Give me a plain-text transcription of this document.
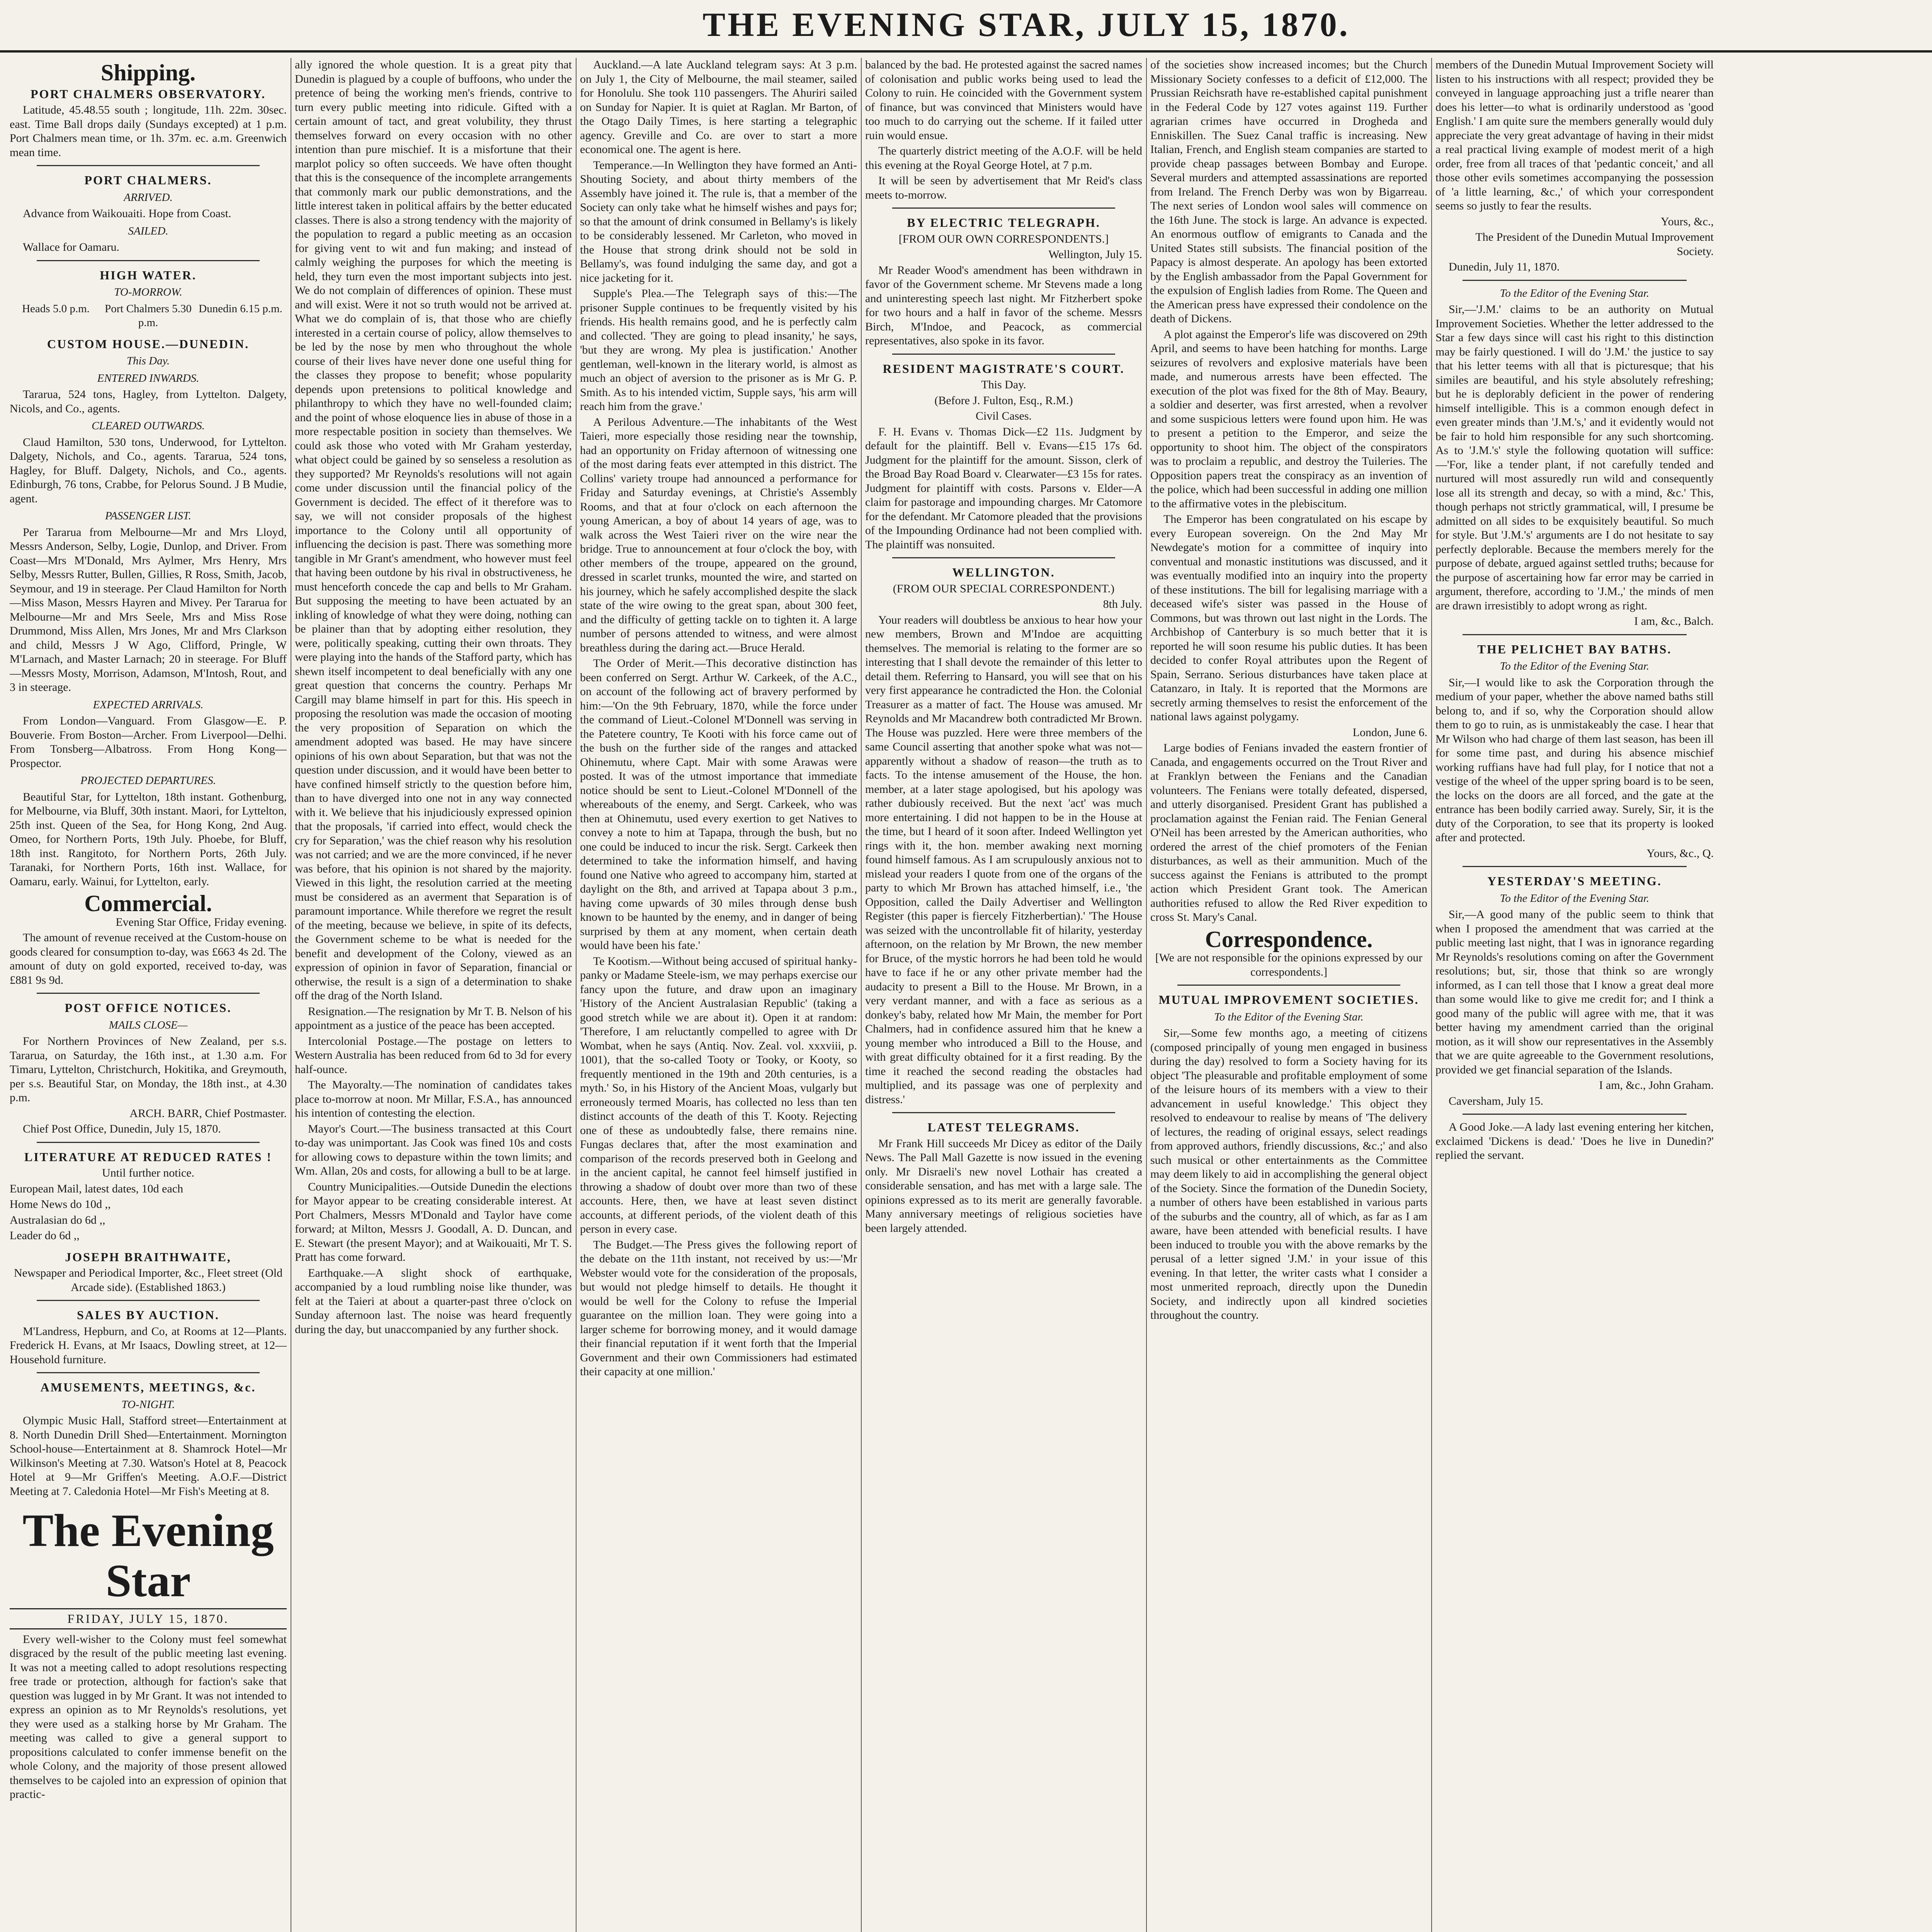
THE EVENING STAR, JULY 15, 1870.
Shipping.
PORT CHALMERS OBSERVATORY.

Latitude, 45.48.55 south ; longitude, 11h. 22m. 30sec. east. Time Ball drops daily (Sundays excepted) at 1 p.m. Port Chalmers mean time, or 1h. 37m. ec. a.m. Greenwich mean time.

PORT CHALMERS.
ARRIVED.

Advance from Waikouaiti. Hope from Coast.

SAILED.

Wallace for Oamaru.

HIGH WATER.
TO-MORROW.
Heads 5.0 p.m.	Port Chalmers 5.30 p.m.
Dunedin 6.15 p.m.
CUSTOM HOUSE.—DUNEDIN.
This Day.
ENTERED INWARDS.

Tararua, 524 tons, Hagley, from Lyttelton. Dalgety, Nicols, and Co., agents.

CLEARED OUTWARDS.

Claud Hamilton, 530 tons, Underwood, for Lyttelton. Dalgety, Nichols, and Co., agents. Tararua, 524 tons, Hagley, for Bluff. Dalgety, Nichols, and Co., agents. Edinburgh, 76 tons, Crabbe, for Pelorus Sound. J B Mudie, agent.

PASSENGER LIST.

Per Tararua from Melbourne—Mr and Mrs Lloyd, Messrs Anderson, Selby, Logie, Dunlop, and Driver. From Coast—Mrs M'Donald, Mrs Aylmer, Mrs Henry, Mrs Selby, Messrs Rutter, Bullen, Gillies, R Ross, Smith, Jacob, Seymour, and 19 in steerage. Per Claud Hamilton for North—Miss Mason, Messrs Hayren and Mivey. Per Tararua for Melbourne—Mr and Mrs Seele, Mrs and Miss Rose Drummond, Miss Allen, Mrs Jones, Mr and Mrs Clarkson and child, Messrs J W Ago, Clifford, Pringle, W M'Larnach, and Master Larnach; 20 in steerage. For Bluff—Messrs Mosty, Morrison, Adamson, M'Intosh, Rout, and 3 in steerage.

EXPECTED ARRIVALS.

From London—Vanguard. From Glasgow—E. P. Bouverie. From Boston—Archer. From Liverpool—Delhi. From Tonsberg—Albatross. From Hong Kong—Prospector.

PROJECTED DEPARTURES.

Beautiful Star, for Lyttelton, 18th instant. Gothenburg, for Melbourne, via Bluff, 30th instant. Maori, for Lyttelton, 25th inst. Queen of the Sea, for Hong Kong, 2nd Aug. Omeo, for Northern Ports, 19th July. Phoebe, for Bluff, 18th inst. Rangitoto, for Northern Ports, 26th July. Taranaki, for Northern Ports, 16th inst. Wallace, for Oamaru, early. Wainui, for Lyttelton, early.

Commercial.

Evening Star Office, Friday evening.

The amount of revenue received at the Custom-house on goods cleared for consumption to-day, was £663 4s 2d. The amount of duty on gold exported, received to-day, was £881 9s 9d.

POST OFFICE NOTICES.
MAILS CLOSE—

For Northern Provinces of New Zealand, per s.s. Tararua, on Saturday, the 16th inst., at 1.30 a.m. For Timaru, Lyttelton, Christchurch, Hokitika, and Greymouth, per s.s. Beautiful Star, on Monday, the 18th inst., at 4.30 p.m.

ARCH. BARR, Chief Postmaster.

Chief Post Office, Dunedin, July 15, 1870.

LITERATURE AT REDUCED RATES !

Until further notice.

European Mail, latest dates, 10d each

Home News do 10d ,,

Australasian do 6d ,,

Leader do 6d ,,

JOSEPH BRAITHWAITE,

Newspaper and Periodical Importer, &c., Fleet street (Old Arcade side). (Established 1863.)

SALES BY AUCTION.

M'Landress, Hepburn, and Co, at Rooms at 12—Plants. Frederick H. Evans, at Mr Isaacs, Dowling street, at 12—Household furniture.

AMUSEMENTS, MEETINGS, &c.
TO-NIGHT.

Olympic Music Hall, Stafford street—Entertainment at 8. North Dunedin Drill Shed—Entertainment. Mornington School-house—Entertainment at 8. Shamrock Hotel—Mr Wilkinson's Meeting at 7.30. Watson's Hotel at 8, Peacock Hotel at 9—Mr Griffen's Meeting. A.O.F.—District Meeting at 7. Caledonia Hotel—Mr Fish's Meeting at 8.

The Evening Star
FRIDAY, JULY 15, 1870.

Every well-wisher to the Colony must feel somewhat disgraced by the result of the public meeting last evening. It was not a meeting called to adopt resolutions respecting free trade or protection, although for faction's sake that question was lugged in by Mr Grant. It was not intended to express an opinion as to Mr Reynolds's resolutions, yet they were used as a stalking horse by Mr Graham. The meeting was called to give a general support to propositions calculated to confer immense benefit on the whole Colony, and the majority of those present allowed themselves to be cajoled into an expression of opinion that practic-

ally ignored the whole question. It is a great pity that Dunedin is plagued by a couple of buffoons, who under the pretence of being the working men's friends, contrive to turn every public meeting into ridicule. Gifted with a certain amount of tact, and great volubility, they thrust themselves forward on every occasion with no other intention than pure mischief. It is a misfortune that their marplot policy so often succeeds. We have often thought that this is the consequence of the incomplete arrangements that commonly mark our public demonstrations, and the little interest taken in political affairs by the better educated classes. There is also a strong tendency with the majority of the population to regard a public meeting as an occasion for giving vent to wit and fun making; and instead of calmly weighing the purposes for which the meeting is held, they turn even the most important subjects into jest. We do not complain of differences of opinion. These must and will exist. Were it not so truth would not be arrived at. What we do complain of is, that those who are chiefly interested in a certain course of policy, allow themselves to be led by the nose by men who throughout the whole course of their lives have never done one useful thing for the classes they propose to benefit; whose popularity depends upon pretensions to political knowledge and philanthropy to which they have no well-founded claim; and the point of whose eloquence lies in abuse of those in a more respectable position in society than themselves. We could ask those who voted with Mr Graham yesterday, what object could be gained by so senseless a resolution as they supported? Mr Reynolds's resolutions will not again come under discussion until the financial policy of the Government is decided. The effect of it therefore was to say, we will not consider proposals of the highest importance to the Colony until all opportunity of influencing the decision is past. There was something more tangible in Mr Grant's amendment, who however must feel that having been outdone by his rival in obstructiveness, he must henceforth concede the cap and bells to Mr Graham. But supposing the meeting to have been actuated by an inkling of knowledge of what they were doing, nothing can be plainer than that by adopting either resolution, they were, politically speaking, cutting their own throats. They were playing into the hands of the Stafford party, which has shewn itself incompetent to deal beneficially with any one great question that concerns the country. Perhaps Mr Cargill may blame himself in part for this. His speech in proposing the resolution was made the occasion of mooting the very proposition of Separation on which the amendment adopted was based. He may have sincere opinions of his own about Separation, but that was not the question under discussion, and it would have been better to have confined himself strictly to the question before him, than to have diverged into one not in any way connected with it. We believe that his injudiciously expressed opinion that the proposals, 'if carried into effect, would check the cry for Separation,' was the chief reason why his resolution was not carried; and we are the more convinced, if he never was before, that his opinion is not shared by the majority. Viewed in this light, the resolution carried at the meeting must be considered as an averment that Separation is of paramount importance. While therefore we regret the result of the meeting, because we believe, in spite of its defects, the Government scheme to be what is needed for the benefit and development of the Colony, viewed as an expression of opinion in favor of Separation, financial or otherwise, the result is a sign of a determination to shake off the drag of the North Island.

Resignation.—The resignation by Mr T. B. Nelson of his appointment as a justice of the peace has been accepted.

Intercolonial Postage.—The postage on letters to Western Australia has been reduced from 6d to 3d for every half-ounce.

The Mayoralty.—The nomination of candidates takes place to-morrow at noon. Mr Millar, F.S.A., has announced his intention of contesting the election.

Mayor's Court.—The business transacted at this Court to-day was unimportant. Jas Cook was fined 10s and costs for allowing cows to depasture within the town limits; and Wm. Allan, 20s and costs, for allowing a bull to be at large.

Country Municipalities.—Outside Dunedin the elections for Mayor appear to be creating considerable interest. At Port Chalmers, Messrs M'Donald and Taylor have come forward; at Milton, Messrs J. Goodall, A. D. Duncan, and E. Stewart (the present Mayor); and at Waikouaiti, Mr T. S. Pratt has come forward.

Earthquake.—A slight shock of earthquake, accompanied by a loud rumbling noise like thunder, was felt at the Taieri at about a quarter-past three o'clock on Sunday afternoon last. The noise was heard frequently during the day, but unaccompanied by any further shock.

Auckland.—A late Auckland telegram says: At 3 p.m. on July 1, the City of Melbourne, the mail steamer, sailed for Honolulu. She took 110 passengers. The Ahuriri sailed on Sunday for Napier. It is quiet at Raglan. Mr Barton, of the Otago Daily Times, is here starting a telegraphic agency. Greville and Co. are over to start a more economical one. The agent is here.

Temperance.—In Wellington they have formed an Anti-Shouting Society, and about thirty members of the Assembly have joined it. The rule is, that a member of the Society can only take what he himself wishes and pays for; so that the amount of drink consumed in Bellamy's is likely to be considerably lessened. Mr Carleton, who moved in the House that strong drink should not be sold in Bellamy's, was found indulging the same day, and got a nice jacketing for it.

Supple's Plea.—The Telegraph says of this:—The prisoner Supple continues to be frequently visited by his friends. His health remains good, and he is perfectly calm and collected. 'They are going to plead insanity,' he says, 'but they are wrong. My plea is justification.' Another gentleman, well-known in the literary world, is almost as much an object of aversion to the prisoner as is Mr G. P. Smith. As to his intended victim, Supple says, 'his arm will reach him from the grave.'

A Perilous Adventure.—The inhabitants of the West Taieri, more especially those residing near the township, had an opportunity on Friday afternoon of witnessing one of the most daring feats ever attempted in this district. The Collins' variety troupe had announced a performance for Friday and Saturday evenings, at Christie's Assembly Rooms, and that at four o'clock on each afternoon the young American, a boy of about 14 years of age, was to walk across the West Taieri river on the wire near the bridge. True to announcement at four o'clock the boy, with other members of the troupe, appeared on the ground, dressed in scarlet trunks, mounted the wire, and started on his journey, which he safely accomplished despite the slack state of the wire owing to the great span, about 300 feet, and the difficulty of getting tackle on to tighten it. A large number of persons attended to witness, and were almost breathless during the daring act.—Bruce Herald.

The Order of Merit.—This decorative distinction has been conferred on Sergt. Arthur W. Carkeek, of the A.C., on account of the following act of bravery performed by him:—'On the 9th February, 1870, while the force under the command of Lieut.-Colonel M'Donnell was serving in the Patetere country, Te Kooti with his force came out of the bush on the further side of the ranges and attacked Ohinemutu, where Capt. Mair with some Arawas were posted. It was of the utmost importance that immediate notice should be sent to Lieut.-Colonel M'Donnell of the whereabouts of the enemy, and Sergt. Carkeek, who was then at Ohinemutu, used every exertion to get Natives to convey a note to him at Tapapa, through the bush, but no one could be induced to incur the risk. Sergt. Carkeek then determined to take the information himself, and having found one Native who agreed to accompany him, started at daylight on the 8th, and arrived at Tapapa about 3 p.m., having come upwards of 30 miles through dense bush known to be haunted by the enemy, and in danger of being surprised by them at any moment, when certain death would have been his fate.'

Te Kootism.—Without being accused of spiritual hanky-panky or Madame Steele-ism, we may perhaps exercise our fancy upon the future, and draw upon an imaginary 'History of the Ancient Australasian Republic' (taking a good stretch while we are about it). Open it at random: 'Therefore, I am reluctantly compelled to agree with Dr Wombat, when he says (Antiq. Nov. Zeal. vol. xxxviii, p. 1001), that the so-called Tooty or Tooky, or Kooty, so frequently mentioned in the 19th and 20th centuries, is a myth.' So, in his History of the Ancient Moas, vulgarly but erroneously termed Moaris, has collected no less than ten distinct accounts of the death of this T. Kooty. Rejecting one of these as undoubtedly false, there remains nine. Fungas declares that, after the most examination and comparison of the records preserved both in Geelong and in the ancient capital, he cannot feel himself justified in throwing a shadow of doubt over more than two of these accounts. Here, then, we have at least seven distinct accounts, at different periods, of the violent death of this person in every case.

The Budget.—The Press gives the following report of the debate on the 11th instant, not received by us:—'Mr Webster would vote for the consideration of the proposals, but would not pledge himself to details. He thought it would be well for the Colony to refuse the Imperial guarantee on the million loan. They were going into a larger scheme for borrowing money, and it would damage their financial reputation if it went forth that the Imperial Government and their own Commissioners had estimated their capacity at one million.'

balanced by the bad. He protested against the sacred names of colonisation and public works being used to lead the Colony to ruin. He coincided with the Government system of finance, but was convinced that Ministers would have too much to do carrying out the scheme. If it failed utter ruin would ensue.

The quarterly district meeting of the A.O.F. will be held this evening at the Royal George Hotel, at 7 p.m.

It will be seen by advertisement that Mr Reid's class meets to-morrow.

BY ELECTRIC TELEGRAPH.

[FROM OUR OWN CORRESPONDENTS.]

Wellington, July 15.

Mr Reader Wood's amendment has been withdrawn in favor of the Government scheme. Mr Stevens made a long and uninteresting speech last night. Mr Fitzherbert spoke for two hours and a half in favor of the scheme. Messrs Birch, M'Indoe, and Peacock, as commercial representatives, also spoke in its favor.

RESIDENT MAGISTRATE'S COURT.

This Day.

(Before J. Fulton, Esq., R.M.)

Civil Cases.

F. H. Evans v. Thomas Dick—£2 11s. Judgment by default for the plaintiff. Bell v. Evans—£15 17s 6d. Judgment for the plaintiff for the amount. Sisson, clerk of the Broad Bay Road Board v. Clearwater—£3 15s for rates. Judgment for plaintiff with costs. Parsons v. Elder—A claim for pastorage and impounding charges. Mr Catomore for the defendant. Mr Catomore pleaded that the provisions of the Impounding Ordinance had not been complied with. The plaintiff was nonsuited.

WELLINGTON.

(FROM OUR SPECIAL CORRESPONDENT.)

8th July.

Your readers will doubtless be anxious to hear how your new members, Brown and M'Indoe are acquitting themselves. The memorial is relating to the former are so interesting that I shall devote the remainder of this letter to detail them. Referring to Hansard, you will see that on his very first appearance he contradicted the Hon. the Colonial Treasurer as a matter of fact. The House was amused. Mr Reynolds and Mr Macandrew both contradicted Mr Brown. The House was puzzled. Here were three members of the same Council asserting that another spoke what was not—apparently without a shadow of reason—the truth as to facts. To the intense amusement of the House, the hon. member, at a later stage apologised, but his apology was rather dubiously received. But the next 'act' was much more entertaining. I did not happen to be in the House at the time, but I heard of it soon after. Indeed Wellington yet rings with it, the hon. member awaking next morning found himself famous. As I am scrupulously anxious not to mislead your readers I quote from one of the organs of the party to which Mr Brown has attached himself, i.e., 'the Opposition, called the Daily Advertiser and Wellington Register (this paper is fiercely Fitzherbertian).' 'The House was seized with the uncontrollable fit of hilarity, yesterday afternoon, on the relation by Mr Brown, the new member for Bruce, of the mystic horrors he had been told he would have to face if he or any other private member had the audacity to present a Bill to the House. Mr Brown, in a very verdant manner, and with a face as serious as a donkey's baby, related how Mr Main, the member for Port Chalmers, had in confidence assured him that he knew a young member who introduced a Bill to the House, and with great difficulty obtained for it a first reading. By the time it reached the second reading the obstacles had multiplied, and its passage was one of perplexity and distress.'

LATEST TELEGRAMS.

Mr Frank Hill succeeds Mr Dicey as editor of the Daily News. The Pall Mall Gazette is now issued in the evening only. Mr Disraeli's new novel Lothair has created a considerable sensation, and has met with a large sale. The opinions expressed as to its merit are generally favorable. Many anniversary meetings of religious societies have been largely attended.

of the societies show increased incomes; but the Church Missionary Society confesses to a deficit of £12,000. The Prussian Reichsrath have re-established capital punishment in the Federal Code by 127 votes against 119. Further agrarian crimes have occurred in Drogheda and Enniskillen. The Suez Canal traffic is increasing. New Italian, French, and English steam companies are started to provide cheap passages between Bombay and Europe. Several murders and attempted assassinations are reported from Ireland. The French Derby was won by Bigarreau. The next series of London wool sales will commence on the 16th June. The stock is large. An advance is expected. An enormous outflow of emigrants to Canada and the United States still subsists. The financial position of the Papacy is almost desperate. An apology has been extorted by the English ambassador from the Papal Government for the expulsion of English ladies from Rome. The Queen and the American press have expressed their condolence on the death of Dickens.

A plot against the Emperor's life was discovered on 29th April, and seems to have been hatching for months. Large seizures of revolvers and explosive materials have been made, and numerous arrests have been effected. The execution of the plot was fixed for the 8th of May. Beaury, a soldier and deserter, was first arrested, when a revolver and some suspicious letters were found upon him. He was to present a petition to the Emperor, and seize the opportunity to shoot him. The object of the conspirators was to proclaim a republic, and destroy the Tuileries. The Opposition papers treat the conspiracy as an invention of the police, which had been successful in adding one million to the affirmative votes in the plebiscitum.

The Emperor has been congratulated on his escape by every European sovereign. On the 2nd May Mr Newdegate's motion for a committee of inquiry into conventual and monastic institutions was discussed, and it was eventually modified into an inquiry into the property of these institutions. The bill for legalising marriage with a deceased wife's sister was passed in the House of Commons, but was thrown out last night in the Lords. The Archbishop of Canterbury is so much better that it is reported he will soon resume his public duties. It has been decided to confer Royal attributes upon the Regent of Spain, Serrano. Serious disturbances have taken place at Catanzaro, in Italy. It is reported that the Mormons are secretly arming themselves to resist the enforcement of the national laws against polygamy.

London, June 6.

Large bodies of Fenians invaded the eastern frontier of Canada, and engagements occurred on the Trout River and at Franklyn between the Fenians and the Canadian volunteers. The Fenians were totally defeated, dispersed, and utterly disorganised. President Grant has published a proclamation against the Fenian raid. The Fenian General O'Neil has been arrested by the American authorities, who ordered the arrest of the chief promoters of the Fenian disturbances, as well as their ammunition. Much of the success against the Fenians is attributed to the prompt action which President Grant took. The American authorities refused to allow the Red River expedition to cross St. Mary's Canal.

Correspondence.

[We are not responsible for the opinions expressed by our correspondents.]

MUTUAL IMPROVEMENT SOCIETIES.
To the Editor of the Evening Star.

Sir,—Some few months ago, a meeting of citizens (composed principally of young men engaged in business during the day) resolved to form a Society having for its object 'The pleasurable and profitable employment of some of the leisure hours of its members with a view to their advancement in useful knowledge.' This object they resolved to endeavour to realise by means of 'The delivery of lectures, the reading of original essays, select readings from approved authors, friendly discussions, &c.;' and also such musical or other entertainments as the Committee may deem likely to aid in accomplishing the general object of the Society. Since the formation of the Dunedin Society, a number of others have been established in various parts of the suburbs and the country, all of which, as far as I am aware, have been attended with beneficial results. I have been induced to trouble you with the above remarks by the perusal of a letter signed 'J.M.' in your issue of this evening. In that letter, the writer casts what I consider a most unmerited reproach, directly upon the Dunedin Society, and indirectly upon all kindred societies throughout the country.

members of the Dunedin Mutual Improvement Society will listen to his instructions with all respect; provided they be conveyed in language approaching just a trifle nearer than does his letter—to what is ordinarily understood as 'good English.' I am quite sure the members generally would duly appreciate the very great advantage of having in their midst a real practical living example of modest merit of a high order, free from all traces of that 'pedantic conceit,' and all those other evils sometimes accompanying the possession of 'a little learning, &c.,' of which your correspondent seems so justly to fear the results.

Yours, &c.,

The President of the Dunedin Mutual Improvement Society.

Dunedin, July 11, 1870.

To the Editor of the Evening Star.

Sir,—'J.M.' claims to be an authority on Mutual Improvement Societies. Whether the letter addressed to the Star a few days since will cast his right to this distinction may be fairly questioned. I will do 'J.M.' the justice to say that his letter teems with all that is picturesque; that his similes are beautiful, and his style absolutely refreshing; but he is deplorably deficient in the power of rendering himself intelligible. This is a common enough defect in even greater minds than 'J.M.'s,' and it evidently would not be fair to hold him responsible for any such shortcoming. As to 'J.M.'s' style the following quotation will suffice:—'For, like a tender plant, if not carefully tended and nurtured will most assuredly run wild and consequently lose all its strength and decay, so with a mind, &c.' This, though perhaps not strictly grammatical, will, I presume be admitted on all sides to be exquisitely beautiful. So much for style. But 'J.M.'s' arguments are I do not hesitate to say perfectly deplorable. Because the members merely for the purpose of debate, argued against settled truths; because for the purpose of ascertaining how far error may be carried in argument, therefore, according to 'J.M.,' the minds of men are drawn irresistibly to adopt wrong as right.

I am, &c., Balch.

THE PELICHET BAY BATHS.
To the Editor of the Evening Star.

Sir,—I would like to ask the Corporation through the medium of your paper, whether the above named baths still belong to, and if so, why the Corporation should allow them to go to ruin, as is unmistakeably the case. I hear that Mr Wilson who had charge of them last season, has been ill for some time past, and during his absence mischief working ruffians have had full play, for I notice that not a vestige of the wheel of the upper spring board is to be seen, the locks on the doors are all forced, and the gate at the entrance has been bodily carried away. Surely, Sir, it is the duty of the Corporation, to see that its property is looked after and protected.

Yours, &c., Q.

YESTERDAY'S MEETING.
To the Editor of the Evening Star.

Sir,—A good many of the public seem to think that when I proposed the amendment that was carried at the public meeting last night, that I was in ignorance regarding Mr Reynolds's resolutions coming on after the Government resolutions; but, sir, those that think so are wrongly informed, as I can tell those that I know a great deal more than some would like to give me credit for; and I think a good many of the public will agree with me, that it was better having my amendment carried than the original motion, as it will show our representatives in the Assembly that we are quite agreeable to the Government resolutions, provided we get financial separation of the Islands.

I am, &c., John Graham.

Caversham, July 15.

A Good Joke.—A lady last evening entering her kitchen, exclaimed 'Dickens is dead.' 'Does he live in Dunedin?' replied the servant.
